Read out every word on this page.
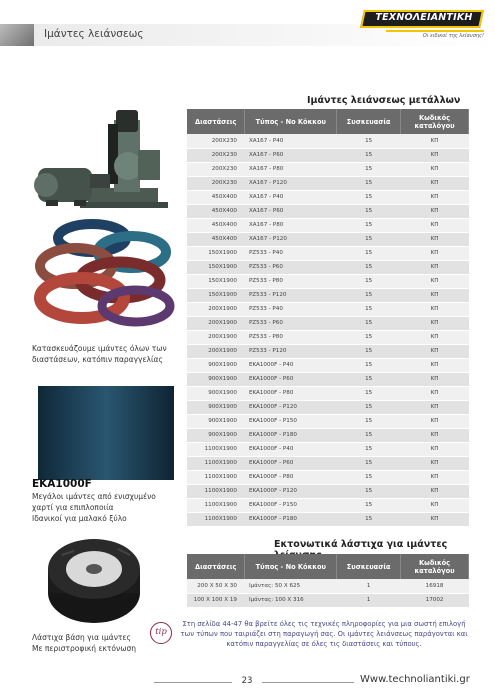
Ιμάντες λειάνσεως
ΤΕΧΝΟΛΕΙΑΝΤΙΚΗ
Οι ειδικοί της λείανσης!
Ιμάντες λειάνσεως μετάλλων
Διαστάσεις	Τύπος - Νο Κόκκου	Συσκευασία	Κωδικός
καταλόγου
200X230	XA167 - P40	15	ΚΠ
200X230	XA167 - P60	15	ΚΠ
200X230	XA167 - P80	15	ΚΠ
200X230	XA167 - P120	15	ΚΠ
450X400	XA167 - P40	15	ΚΠ
450X400	XA167 - P60	15	ΚΠ
450X400	XA167 - P80	15	ΚΠ
450X400	XA167 - P120	15	ΚΠ
150X1900	PZ533 - P40	15	ΚΠ
150X1900	PZ533 - P60	15	ΚΠ
150X1900	PZ533 - P80	15	ΚΠ
150X1900	PZ533 - P120	15	ΚΠ
200X1900	PZ533 - P40	15	ΚΠ
200X1900	PZ533 - P60	15	ΚΠ
200X1900	PZ533 - P80	15	ΚΠ
200X1900	PZ533 - P120	15	ΚΠ
900X1900	EKA1000F - P40	15	ΚΠ
900X1900	EKA1000F - P60	15	ΚΠ
900X1900	EKA1000F - P80	15	ΚΠ
900X1900	EKA1000F - P120	15	ΚΠ
900X1900	EKA1000F - P150	15	ΚΠ
900X1900	EKA1000F - P180	15	ΚΠ
1100X1900	EKA1000F - P40	15	ΚΠ
1100X1900	EKA1000F - P60	15	ΚΠ
1100X1900	EKA1000F - P80	15	ΚΠ
1100X1900	EKA1000F - P120	15	ΚΠ
1100X1900	EKA1000F - P150	15	ΚΠ
1100X1900	EKA1000F - P180	15	ΚΠ
Κατασκευάζουμε ιμάντες όλων των
διαστάσεων, κατόπιν παραγγελίας
EKA1000F
Μεγάλοι ιμάντες από ενισχυμένο
χαρτί για επιπλοποιία
Ιδανικοί για μαλακό ξύλο
Εκτονωτικά λάστιχα για ιμάντες
Διαστάσεις	Τύπος - Νο Κόκκου	Συσκευασία	Κωδικός
καταλόγου
200 X 50 X 30	Ιμάντας: 50 X 625	1	16918
100 X 100 X 19	Ιμάντας: 100 X 316	1	17002
Λάστιχα βάση για ιμάντες
Με περιστροφική εκτόνωση
tip
Στη σελίδα 44-47 θα βρείτε όλες τις τεχνικές πληροφορίες για μια σωστή επιλογή των τύπων που ταιριάζει στη παραγωγή σας. Οι ιμάντες λειάνσεως παράγονται και κατόπιν παραγγελίας σε όλες τις διαστάσεις και τύπους.
23	Www.technoliantiki.gr
